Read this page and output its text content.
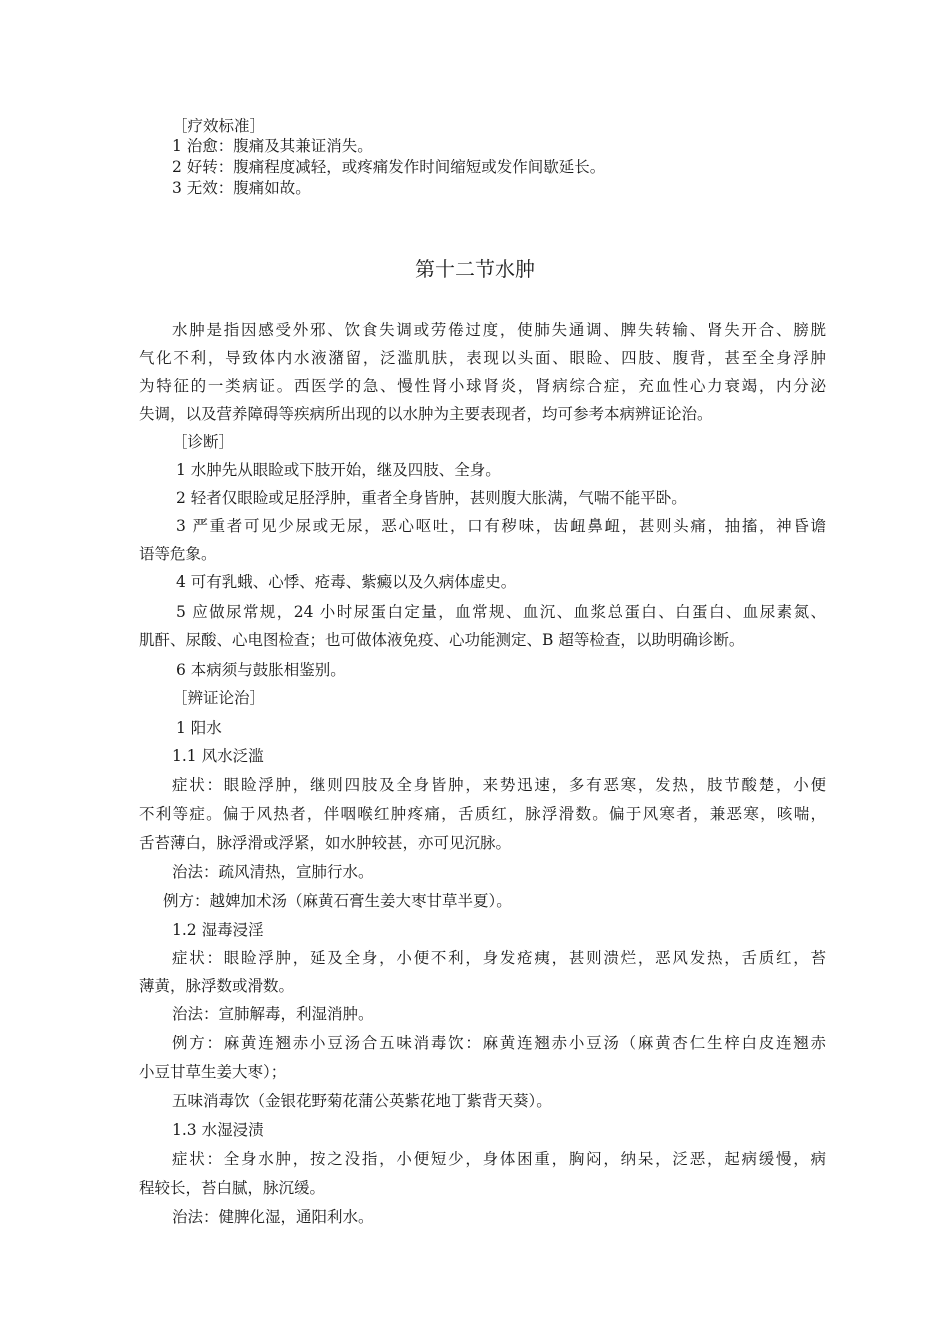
［疗效标准］
1 治愈：腹痛及其兼证消失。
2 好转：腹痛程度减轻，或疼痛发作时间缩短或发作间歇延长。
3 无效：腹痛如故。
第十二节水肿
水肿是指因感受外邪、饮食失调或劳倦过度，使肺失通调、脾失转输、肾失开合、膀胱
气化不利，导致体内水液潴留，泛滥肌肤，表现以头面、眼睑、四肢、腹背，甚至全身浮肿
为特征的一类病证。西医学的急、慢性肾小球肾炎，肾病综合症，充血性心力衰竭，内分泌
失调，以及营养障碍等疾病所出现的以水肿为主要表现者，均可参考本病辨证论治。
［诊断］
1 水肿先从眼睑或下肢开始，继及四肢、全身。
2 轻者仅眼睑或足胫浮肿，重者全身皆肿，甚则腹大胀满，气喘不能平卧。
3 严重者可见少尿或无尿，恶心呕吐，口有秽味，齿衄鼻衄，甚则头痛，抽搐，神昏谵
语等危象。
4 可有乳蛾、心悸、疮毒、紫癜以及久病体虚史。
5 应做尿常规，24 小时尿蛋白定量，血常规、血沉、血浆总蛋白、白蛋白、血尿素氮、
肌酐、尿酸、心电图检查；也可做体液免疫、心功能测定、B 超等检查，以助明确诊断。
6 本病须与鼓胀相鉴别。
［辨证论治］
1 阳水
1.1 风水泛滥
症状：眼睑浮肿，继则四肢及全身皆肿，来势迅速，多有恶寒，发热，肢节酸楚，小便
不利等症。偏于风热者，伴咽喉红肿疼痛，舌质红，脉浮滑数。偏于风寒者，兼恶寒，咳喘，
舌苔薄白，脉浮滑或浮紧，如水肿较甚，亦可见沉脉。
治法：疏风清热，宣肺行水。
例方：越婢加术汤（麻黄石膏生姜大枣甘草半夏）。
1.2 湿毒浸淫
症状：眼睑浮肿，延及全身，小便不利，身发疮痍，甚则溃烂，恶风发热，舌质红，苔
薄黄，脉浮数或滑数。
治法：宣肺解毒，利湿消肿。
例方：麻黄连翘赤小豆汤合五味消毒饮：麻黄连翘赤小豆汤（麻黄杏仁生梓白皮连翘赤
小豆甘草生姜大枣）；
五味消毒饮（金银花野菊花蒲公英紫花地丁紫背天葵）。
1.3 水湿浸渍
症状：全身水肿，按之没指，小便短少，身体困重，胸闷，纳呆，泛恶，起病缓慢，病
程较长，苔白腻，脉沉缓。
治法：健脾化湿，通阳利水。
